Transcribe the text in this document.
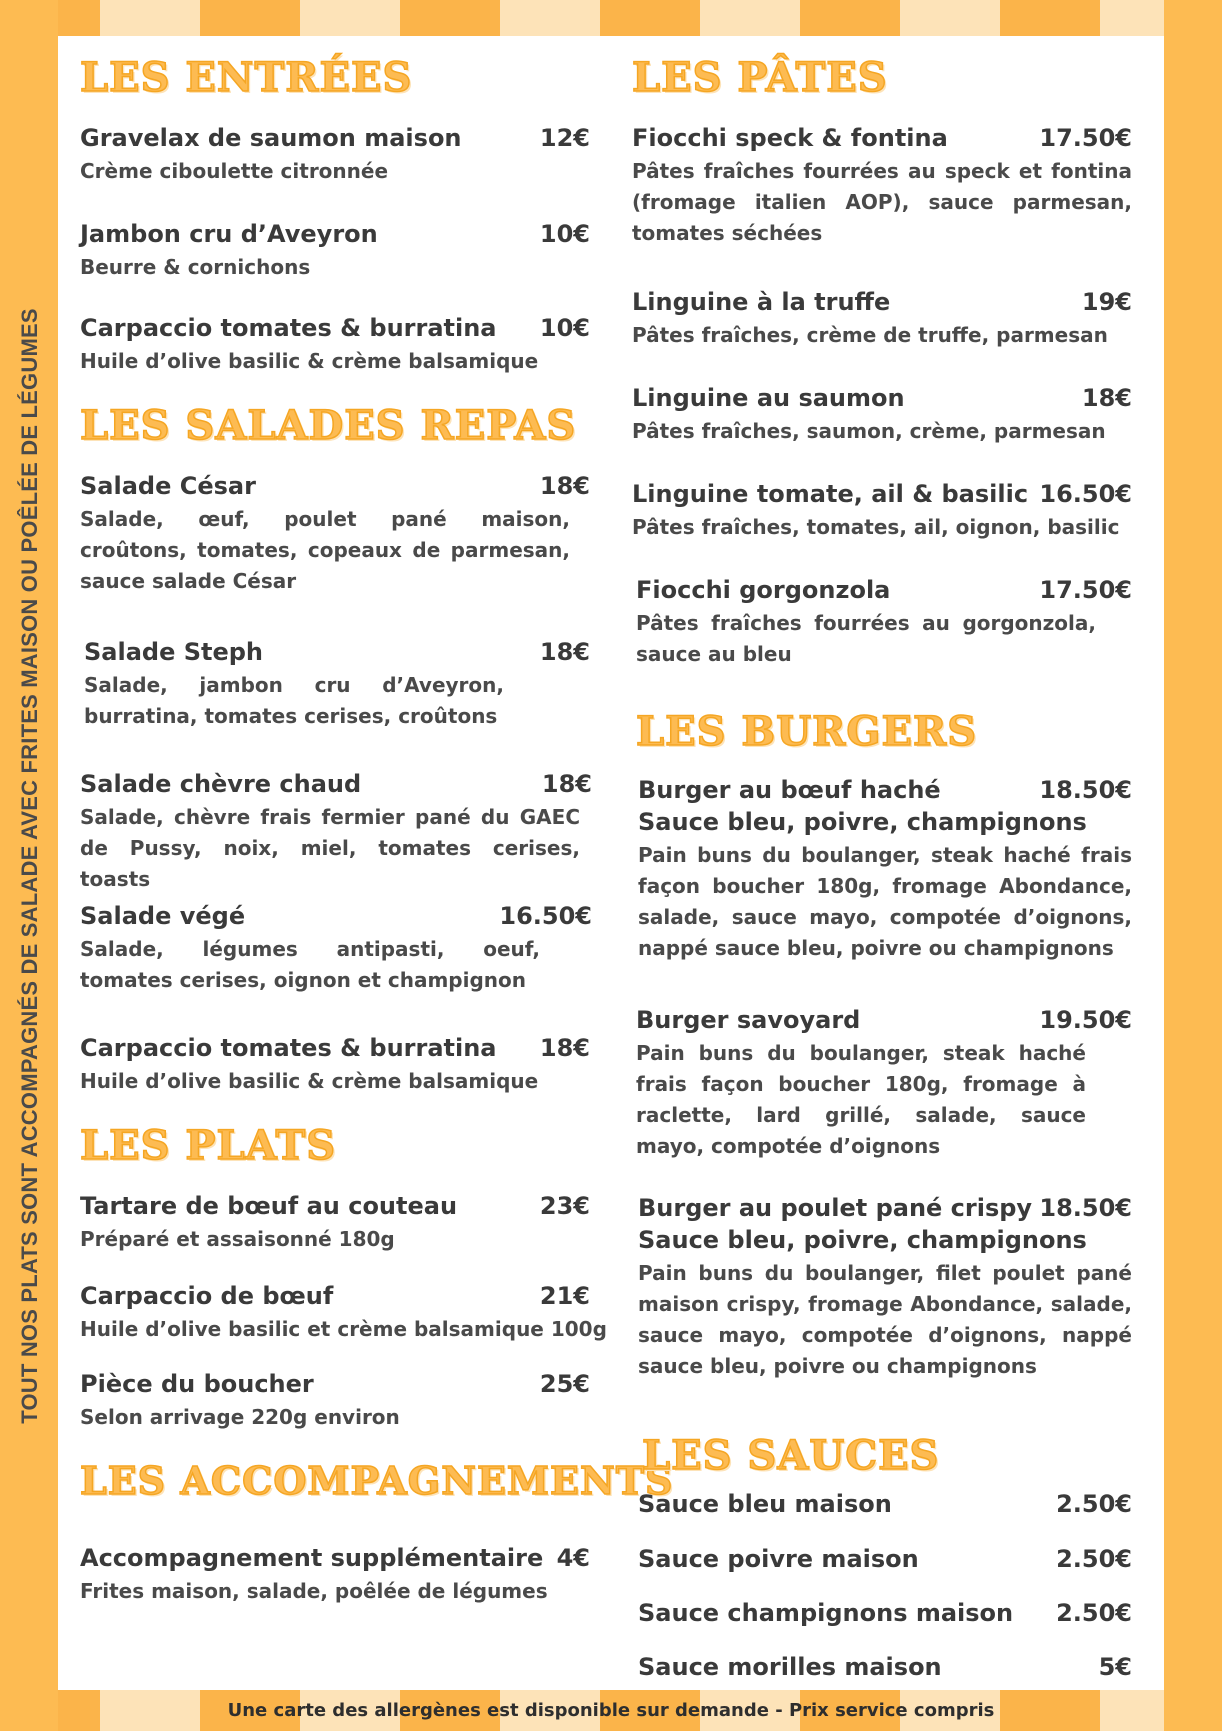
TOUT NOS PLATS SONT ACCOMPAGNÉS DE SALADE AVEC FRITES MAISON OU POÊLÉE DE LÉGUMES
LES ENTRÉES
Gravelax de saumon maison	12€
Crème ciboulette citronnée
Jambon cru d’Aveyron	10€
Beurre & cornichons
Carpaccio tomates & burratina 10€
Huile d’olive basilic & crème balsamique
LES SALADES REPAS
Salade César	18€
Salade, œuf, poulet pané maison, croûtons, tomates, copeaux de parmesan, sauce salade César
Salade Steph	18€
Salade, jambon cru d’Aveyron, burratina, tomates cerises, croûtons
Salade chèvre chaud	18€
Salade, chèvre frais fermier pané du GAEC de Pussy, noix, miel, tomates cerises, toasts
Salade végé	16.50€
Salade, légumes antipasti, oeuf, tomates cerises, oignon et champignon
Carpaccio tomates & burratina 18€
Huile d’olive basilic & crème balsamique
LES PLATS
Tartare de bœuf au couteau	23€
Préparé et assaisonné 180g
Carpaccio de bœuf	21€
Huile d’olive basilic et crème balsamique 100g
Pièce du boucher	25€
Selon arrivage 220g environ
LES ACCOMPAGNEMENTS
Accompagnement supplémentaire 4€
Frites maison, salade, poêlée de légumes
LES PÂTES
Fiocchi speck & fontina	17.50€
Pâtes fraîches fourrées au speck et fontina (fromage italien AOP), sauce parmesan, tomates séchées
Linguine à la truffe	19€
Pâtes fraîches, crème de truffe, parmesan
Linguine au saumon	18€
Pâtes fraîches, saumon, crème, parmesan
Linguine tomate, ail & basilic 16.50€
Pâtes fraîches, tomates, ail, oignon, basilic
Fiocchi gorgonzola	17.50€
Pâtes fraîches fourrées au gorgonzola, sauce au bleu
LES BURGERS
Burger au bœuf haché	18.50€
Sauce bleu, poivre, champignons
Pain buns du boulanger, steak haché frais façon boucher 180g, fromage Abondance, salade, sauce mayo, compotée d’oignons, nappé sauce bleu, poivre ou champignons
Burger savoyard	19.50€
Pain buns du boulanger, steak haché frais façon boucher 180g, fromage à raclette, lard grillé, salade, sauce mayo, compotée d’oignons
Burger au poulet pané crispy 18.50€
Sauce bleu, poivre, champignons
Pain buns du boulanger, filet poulet pané maison crispy, fromage Abondance, salade, sauce mayo, compotée d’oignons, nappé sauce bleu, poivre ou champignons
LES SAUCES
Sauce bleu maison	2.50€
Sauce poivre maison	2.50€
Sauce champignons maison 2.50€
Sauce morilles maison	5€
Une carte des allergènes est disponible sur demande - Prix service compris
